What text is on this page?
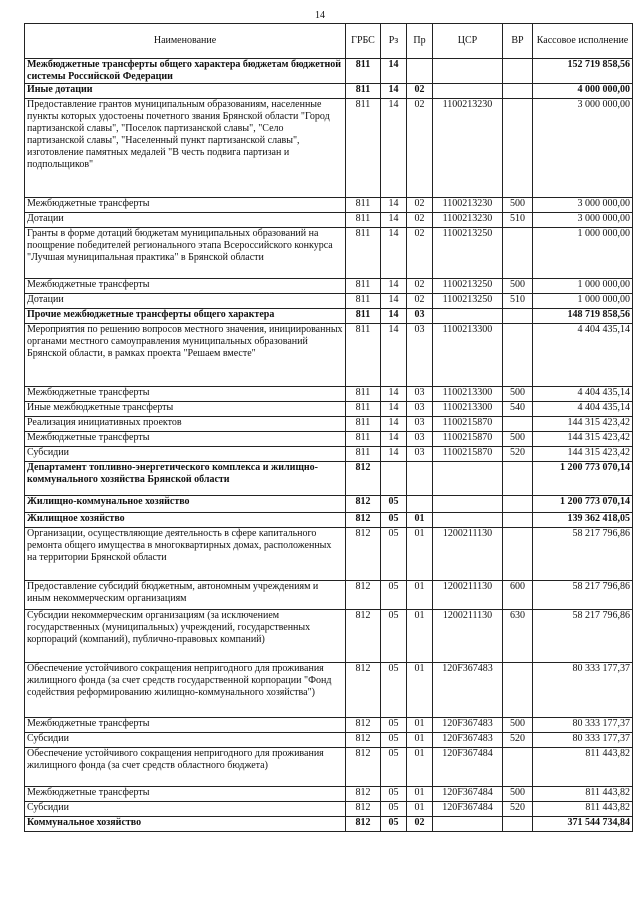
14
Наименование	ГРБС	Рз	Пр	ЦСР	ВР	Кассовое исполнение
Межбюджетные трансферты общего характера бюджетам бюджетной системы Российской Федерации	811	14				152 719 858,56
Иные дотации	811	14	02			4 000 000,00
Предоставление грантов муниципальным образованиям, населенные пункты которых удостоены почетного звания Брянской области "Город партизанской славы", "Поселок партизанской славы", "Село партизанской славы", "Населенный пункт партизанской славы", изготовление памятных медалей "В честь подвига партизан и подпольщиков"	811	14	02	1100213230		3 000 000,00
Межбюджетные трансферты	811	14	02	1100213230	500	3 000 000,00
Дотации	811	14	02	1100213230	510	3 000 000,00
Гранты в форме дотаций бюджетам муниципальных образований на поощрение победителей регионального этапа Всероссийского конкурса "Лучшая муниципальная практика" в Брянской области	811	14	02	1100213250		1 000 000,00
Межбюджетные трансферты	811	14	02	1100213250	500	1 000 000,00
Дотации	811	14	02	1100213250	510	1 000 000,00
Прочие межбюджетные трансферты общего характера	811	14	03			148 719 858,56
Мероприятия по решению вопросов местного значения, инициированных органами местного самоуправления муниципальных образований Брянской области, в рамках проекта "Решаем вместе"	811	14	03	1100213300		4 404 435,14
Межбюджетные трансферты	811	14	03	1100213300	500	4 404 435,14
Иные межбюджетные трансферты	811	14	03	1100213300	540	4 404 435,14
Реализация инициативных проектов	811	14	03	1100215870		144 315 423,42
Межбюджетные трансферты	811	14	03	1100215870	500	144 315 423,42
Субсидии	811	14	03	1100215870	520	144 315 423,42
Департамент топливно-энергетического комплекса и жилищно-коммунального хозяйства Брянской области	812					1 200 773 070,14
Жилищно-коммунальное хозяйство	812	05				1 200 773 070,14
Жилищное хозяйство	812	05	01			139 362 418,05
Организации, осуществляющие деятельность в сфере капитального ремонта общего имущества в многоквартирных домах, расположенных на территории Брянской области	812	05	01	1200211130		58 217 796,86
Предоставление субсидий бюджетным, автономным учреждениям и иным некоммерческим организациям	812	05	01	1200211130	600	58 217 796,86
Субсидии некоммерческим организациям (за исключением государственных (муниципальных) учреждений, государственных корпораций (компаний), публично-правовых компаний)	812	05	01	1200211130	630	58 217 796,86
Обеспечение устойчивого сокращения непригодного для проживания жилищного фонда (за счет средств государственной корпорации "Фонд содействия реформированию жилищно-коммунального хозяйства")	812	05	01	120F367483		80 333 177,37
Межбюджетные трансферты	812	05	01	120F367483	500	80 333 177,37
Субсидии	812	05	01	120F367483	520	80 333 177,37
Обеспечение устойчивого сокращения непригодного для проживания жилищного фонда (за счет средств областного бюджета)	812	05	01	120F367484		811 443,82
Межбюджетные трансферты	812	05	01	120F367484	500	811 443,82
Субсидии	812	05	01	120F367484	520	811 443,82
Коммунальное хозяйство	812	05	02			371 544 734,84
